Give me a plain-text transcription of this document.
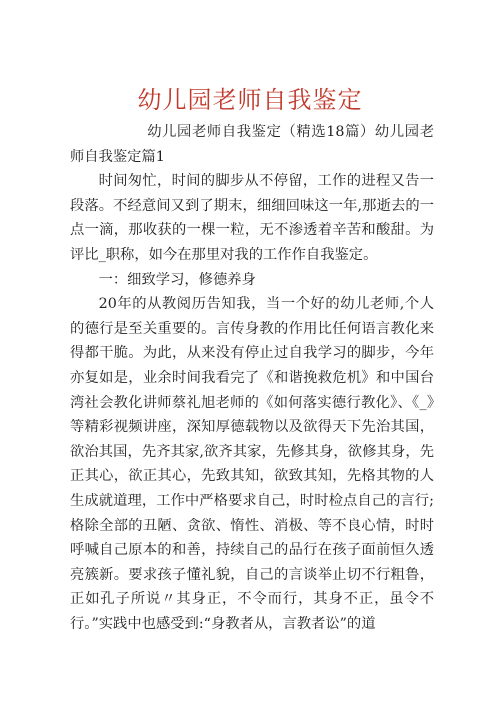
幼儿园老师自我鉴定

幼儿园老师自我鉴定（精选18篇）幼儿园老师自我鉴定篇1

时间匆忙，时间的脚步从不停留，工作的进程又告一段落。不经意间又到了期末，细细回味这一年,那逝去的一点一滴，那收获的一棵一粒，无不渗透着辛苦和酸甜。为评比_职称，如今在那里对我的工作作自我鉴定。

一：细致学习，修德养身

20年的从教阅历告知我，当一个好的幼儿老师,个人的德行是至关重要的。言传身教的作用比任何语言教化来得都干脆。为此，从来没有停止过自我学习的脚步，今年亦复如是，业余时间我看完了《和谐挽救危机》和中国台湾社会教化讲师蔡礼旭老师的《如何落实德行教化》、《_》等精彩视频讲座，深知厚德载物以及欲得天下先治其国，欲治其国，先齐其家,欲齐其家，先修其身，欲修其身，先正其心，欲正其心，先致其知，欲致其知，先格其物的人生成就道理，工作中严格要求自己，时时检点自己的言行;格除全部的丑陋、贪欲、惰性、消极、等不良心情，时时呼喊自己原本的和善，持续自己的品行在孩子面前恒久透亮簇新。要求孩子懂礼貌，自己的言谈举止切不行粗鲁，正如孔子所说〃其身正，不令而行，其身不正，虽令不行。”实践中也感受到:“身教者从，言教者讼”的道
